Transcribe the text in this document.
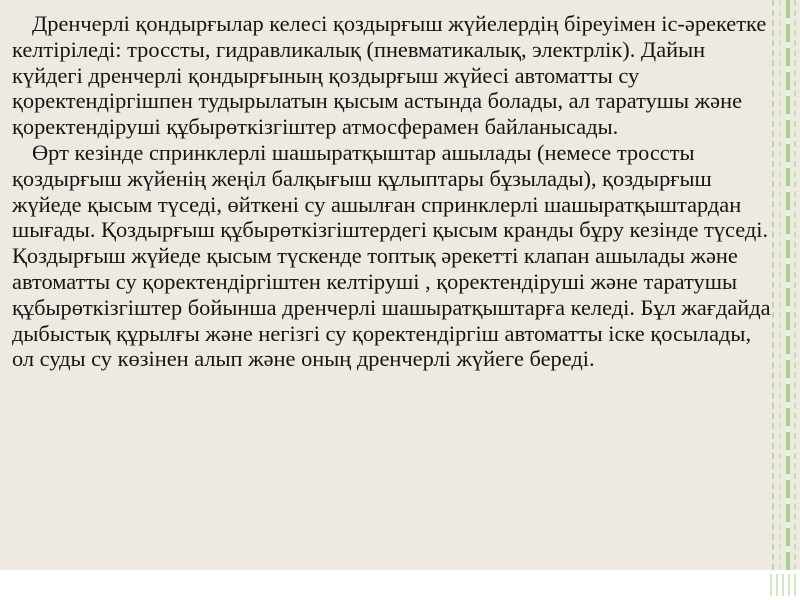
Дренчерлі қондырғылар келесі қоздырғыш жүйелердің біреуімен іс-әрекетке келтіріледі: троссты, гидравликалық (пневматикалық, электрлік). Дайын күйдегі дренчерлі қондырғының қоздырғыш жүйесі автоматты су қоректендіргішпен тудырылатын қысым астында болады, ал таратушы және қоректендіруші құбырөткізгіштер атмосферамен байланысады.

Өрт кезінде спринклерлі шашыратқыштар ашылады (немесе троссты қоздырғыш жүйенің жеңіл балқығыш құлыптары бұзылады), қоздырғыш жүйеде қысым түседі, өйткені су ашылған спринклерлі шашыратқыштардан шығады. Қоздырғыш құбырөткізгіштердегі қысым кранды бұру кезінде түседі. Қоздырғыш жүйеде қысым түскенде топтық әрекетті клапан ашылады және автоматты су қоректендіргіштен келтіруші , қоректендіруші және таратушы құбырөткізгіштер бойынша дренчерлі шашыратқыштарға келеді. Бұл жағдайда дыбыстық құрылғы және негізгі су қоректендіргіш автоматты іске қосылады, ол суды су көзінен алып және оның дренчерлі жүйеге береді.
